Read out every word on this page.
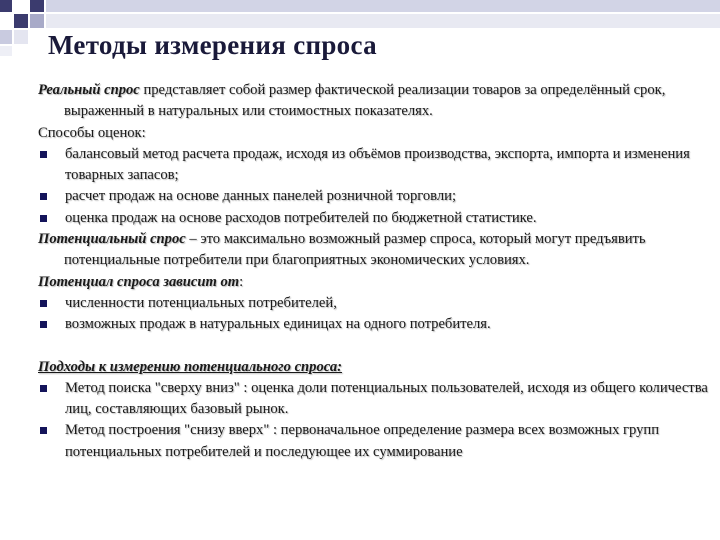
Методы измерения спроса

Реальный спрос представляет собой размер фактической реализации товаров за определённый срок, выраженный в натуральных или стоимостных показателях.

Способы оценок:

балансовый метод расчета продаж, исходя из объёмов производства, экспорта, импорта и изменения товарных запасов;

расчет продаж на основе данных панелей розничной торговли;

оценка продаж на основе расходов потребителей по бюджетной статистике.

Потенциальный спрос – это максимально возможный размер спроса, который могут предъявить потенциальные потребители при благоприятных экономических условиях.

Потенциал спроса зависит от:

численности потенциальных потребителей,

возможных продаж в натуральных единицах на одного потребителя.

Подходы к измерению потенциального спроса:

Метод поиска "сверху вниз" : оценка доли потенциальных пользователей, исходя из общего количества лиц, составляющих базовый рынок.

Метод построения "снизу вверх" : первоначальное определение размера всех возможных групп потенциальных потребителей и последующее их суммирование
